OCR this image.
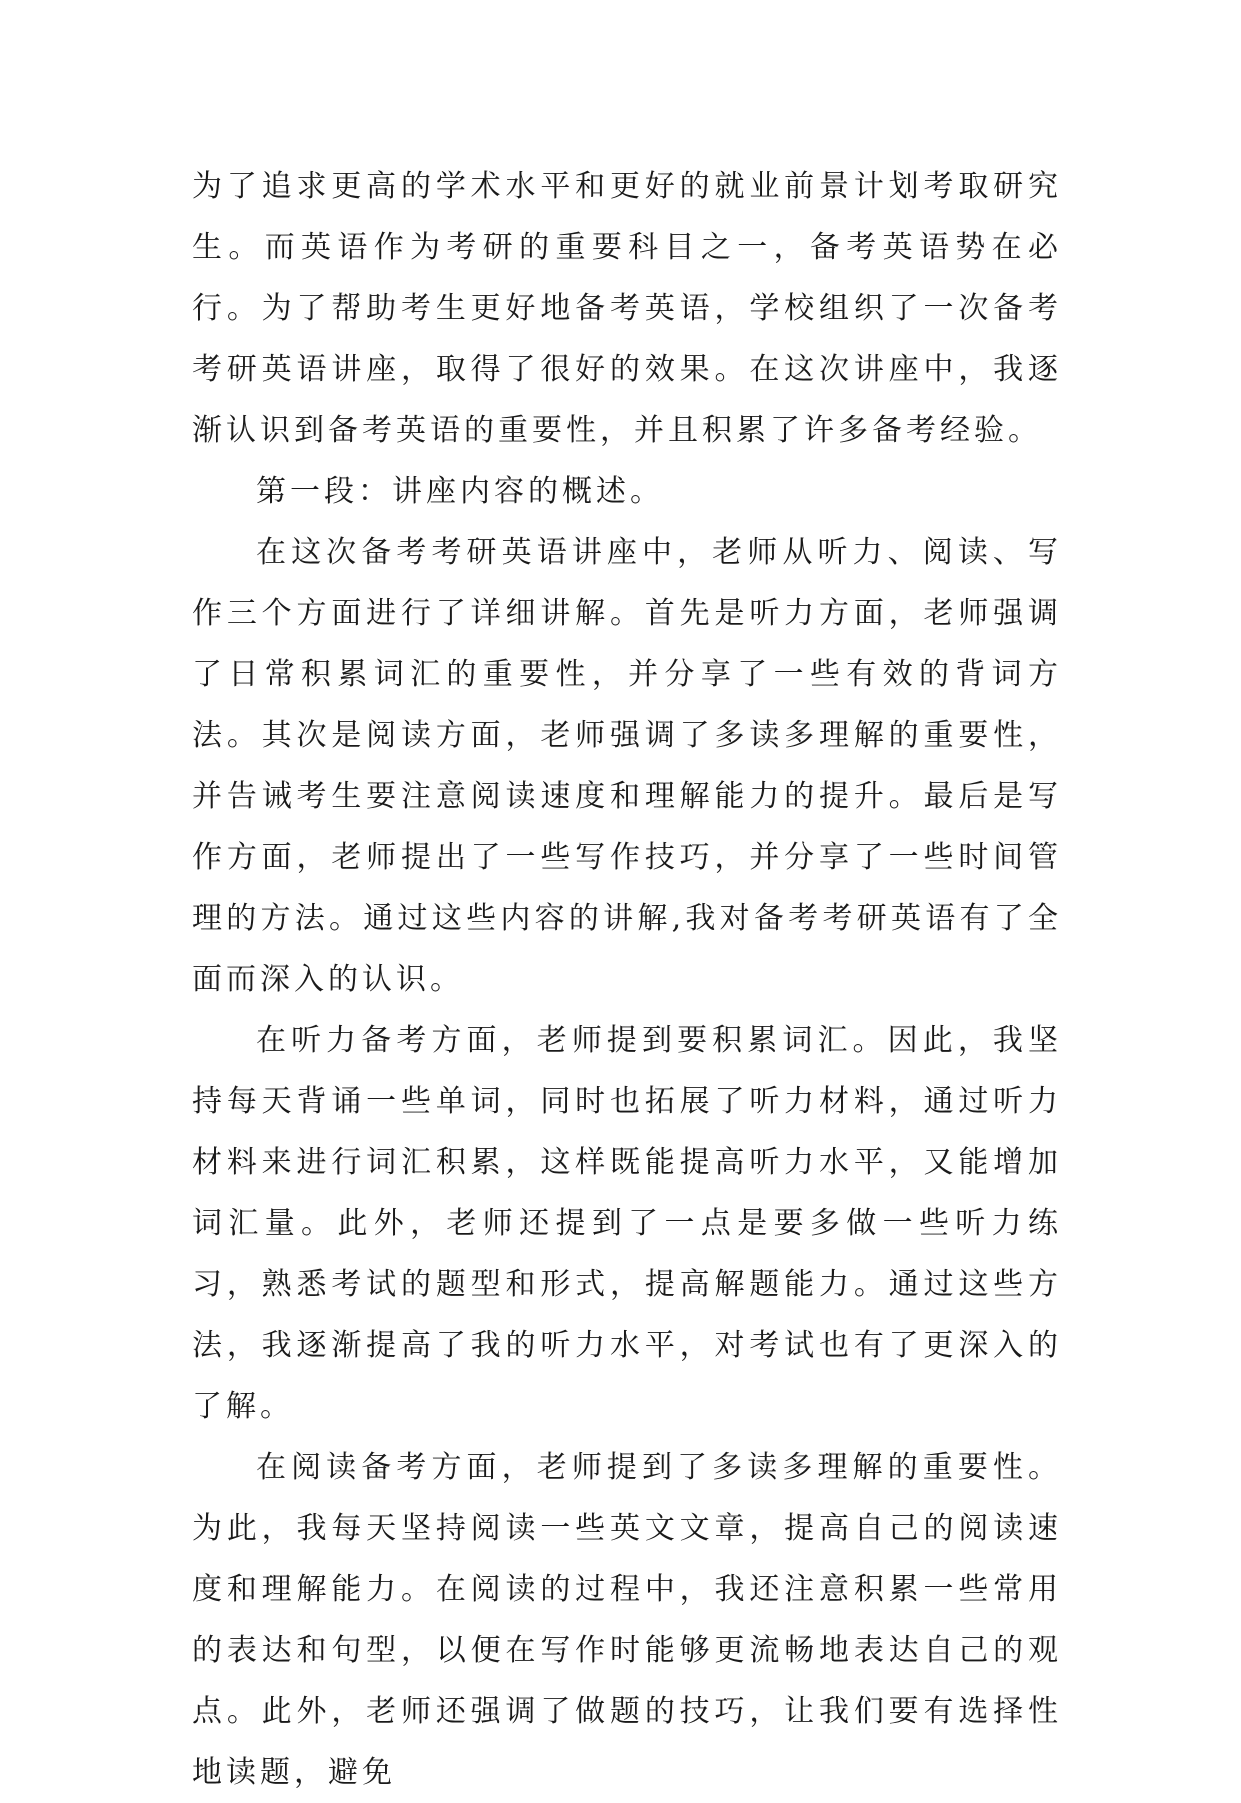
为了追求更高的学术水平和更好的就业前景计划考取研究生。而英语作为考研的重要科目之一，备考英语势在必行。为了帮助考生更好地备考英语，学校组织了一次备考考研英语讲座，取得了很好的效果。在这次讲座中，我逐渐认识到备考英语的重要性，并且积累了许多备考经验。

第一段：讲座内容的概述。

在这次备考考研英语讲座中，老师从听力、阅读、写作三个方面进行了详细讲解。首先是听力方面，老师强调了日常积累词汇的重要性，并分享了一些有效的背词方法。其次是阅读方面，老师强调了多读多理解的重要性，并告诫考生要注意阅读速度和理解能力的提升。最后是写作方面，老师提出了一些写作技巧，并分享了一些时间管理的方法。通过这些内容的讲解,我对备考考研英语有了全面而深入的认识。

在听力备考方面，老师提到要积累词汇。因此，我坚持每天背诵一些单词，同时也拓展了听力材料，通过听力材料来进行词汇积累，这样既能提高听力水平，又能增加词汇量。此外，老师还提到了一点是要多做一些听力练习，熟悉考试的题型和形式，提高解题能力。通过这些方法，我逐渐提高了我的听力水平，对考试也有了更深入的了解。

在阅读备考方面，老师提到了多读多理解的重要性。为此，我每天坚持阅读一些英文文章，提高自己的阅读速度和理解能力。在阅读的过程中，我还注意积累一些常用的表达和句型，以便在写作时能够更流畅地表达自己的观点。此外，老师还强调了做题的技巧，让我们要有选择性地读题，避免
